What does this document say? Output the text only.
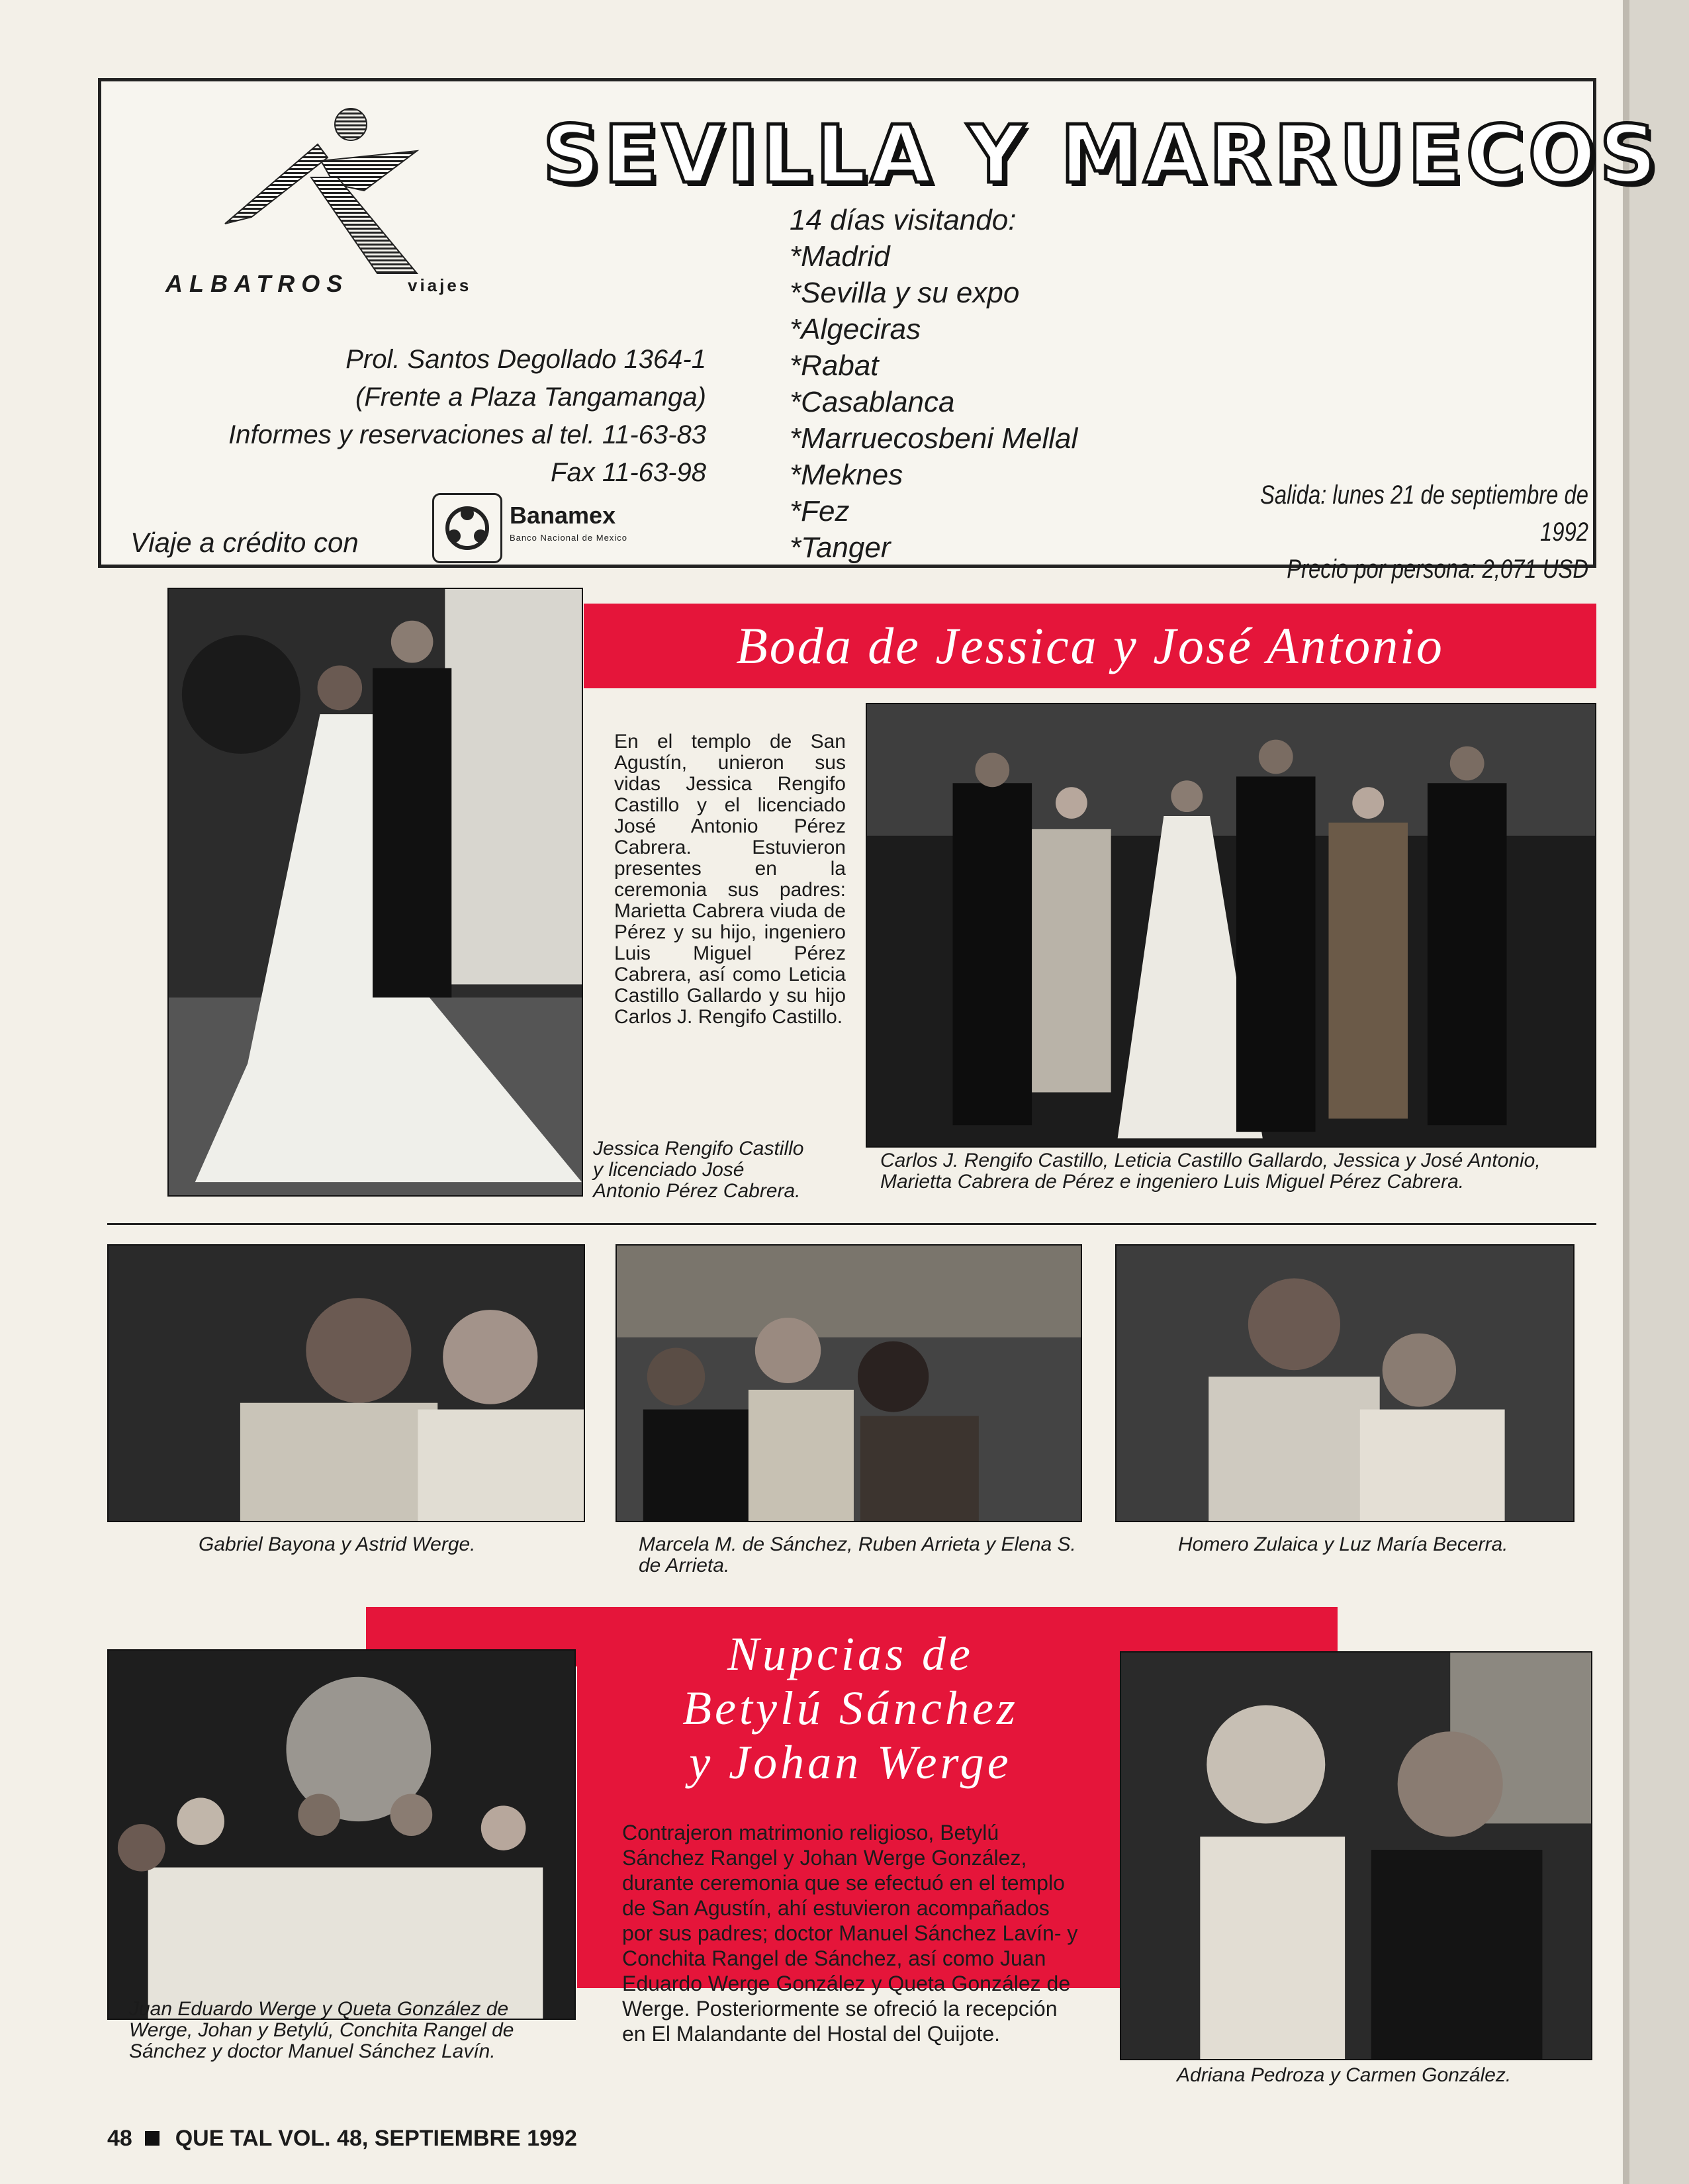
ALBATROS	viajes
SEVILLA Y MARRUECOS
Prol. Santos Degollado 1364-1
(Frente a Plaza Tangamanga)
Informes y reservaciones al tel. 11-63-83
Fax 11-63-98
Viaje a crédito con
Banamex
Banco Nacional de Mexico
14 días visitando:
*Madrid
*Sevilla y su expo
*Algeciras
*Rabat
*Casablanca
*Marruecosbeni Mellal
*Meknes
*Fez
*Tanger
Salida: lunes 21 de septiembre de 1992
Precio por persona: 2,071 USD
Boda de Jessica y José Antonio
En el templo de San Agustín, unieron sus vidas Jessica Rengifo Castillo y el licenciado José Antonio Pérez Cabrera. Estuvieron presentes en la ceremonia sus padres: Marietta Cabrera viuda de Pérez y su hijo, ingeniero Luis Miguel Pérez Cabrera, así como Leticia Castillo Gallardo y su hijo Carlos J. Rengifo Castillo.
Jessica Rengifo Castillo y licenciado José Antonio Pérez Cabrera.
Carlos J. Rengifo Castillo, Leticia Castillo Gallardo, Jessica y José Antonio, Marietta Cabrera de Pérez e ingeniero Luis Miguel Pérez Cabrera.
Gabriel Bayona y Astrid Werge.	Marcela M. de Sánchez, Ruben Arrieta y Elena S. de Arrieta.
Homero Zulaica y Luz María Becerra.
Nupcias de
Betylú Sánchez
y Johan Werge
Contrajeron matrimonio religioso, Betylú Sánchez Rangel y Johan Werge González, durante ceremonia que se efectuó en el templo de San Agustín, ahí estuvieron acompañados por sus padres; doctor Manuel Sánchez Lavín- y Conchita Rangel de Sánchez, así como Juan Eduardo Werge González y Queta González de Werge. Posteriormente se ofreció la recepción en El Malandante del Hostal del Quijote.
Juan Eduardo Werge y Queta González de Werge, Johan y Betylú, Conchita Rangel de Sánchez y doctor Manuel Sánchez Lavín.
Adriana Pedroza y Carmen González.
48 QUE TAL VOL. 48, SEPTIEMBRE 1992
